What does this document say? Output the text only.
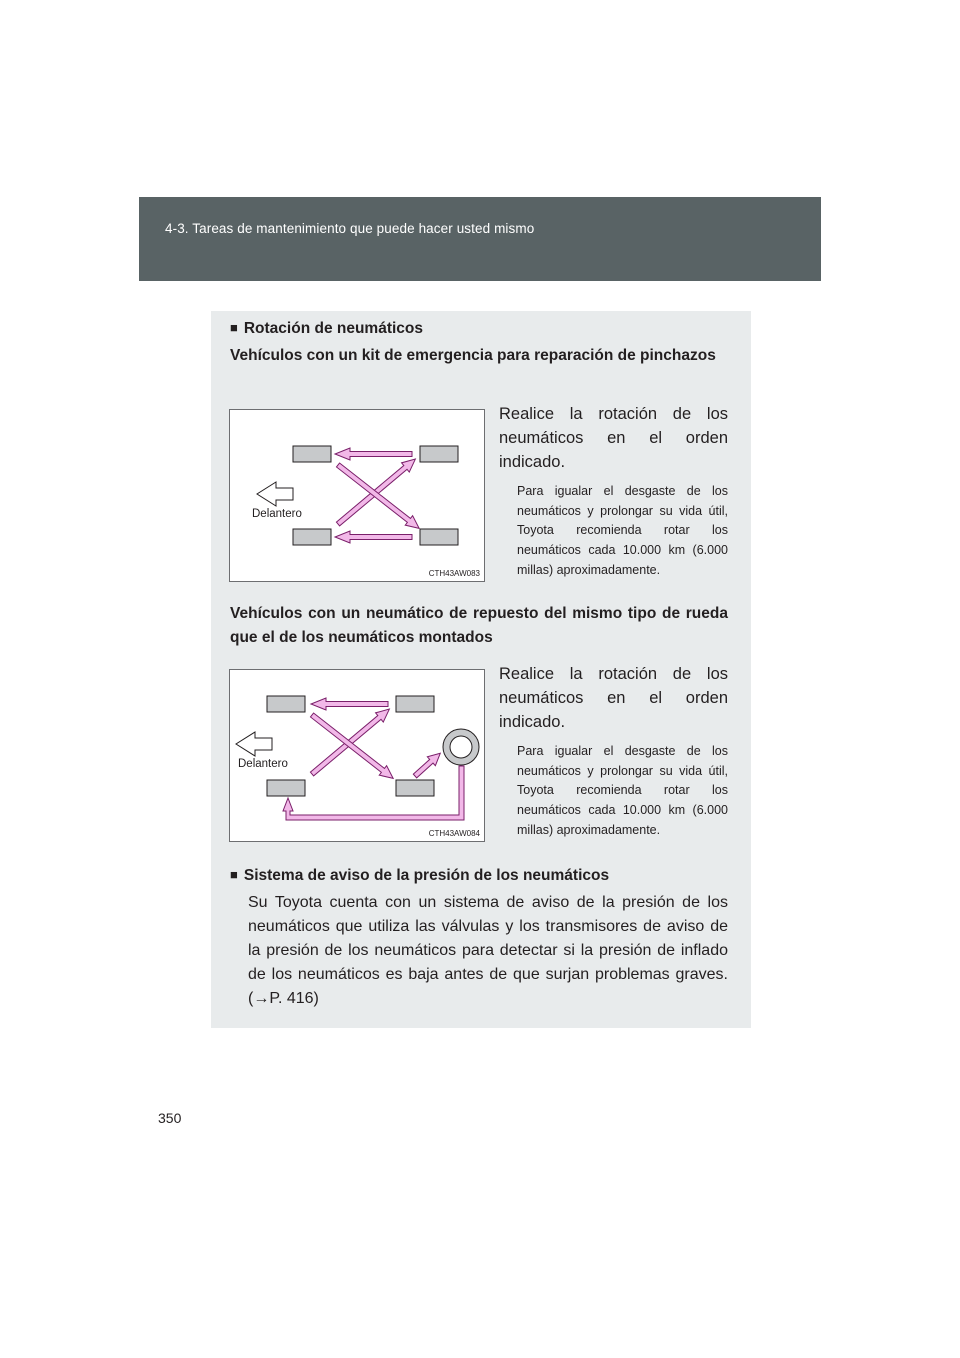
4-3. Tareas de mantenimiento que puede hacer usted mismo
■ Rotación de neumáticos
Vehículos con un kit de emergencia para reparación de pinchazos
Delantero
CTH43AW083
Realice la rotación de los neumáticos en el orden indicado.
Para igualar el desgaste de los neumáticos y prolongar su vida útil, Toyota recomienda rotar los neumáticos cada 10.000 km (6.000 millas) aproximadamente.
Vehículos con un neumático de repuesto del mismo tipo de rueda que el de los neumáticos montados
Delantero
CTH43AW084
Realice la rotación de los neumáticos en el orden indicado.
Para igualar el desgaste de los neumáticos y prolongar su vida útil, Toyota recomienda rotar los neumáticos cada 10.000 km (6.000 millas) aproximadamente.
■ Sistema de aviso de la presión de los neumáticos
Su Toyota cuenta con un sistema de aviso de la presión de los neumáticos que utiliza las válvulas y los transmisores de aviso de la presión de los neumáticos para detectar si la presión de inflado de los neumáticos es baja antes de que surjan problemas graves. (→P. 416)
350
